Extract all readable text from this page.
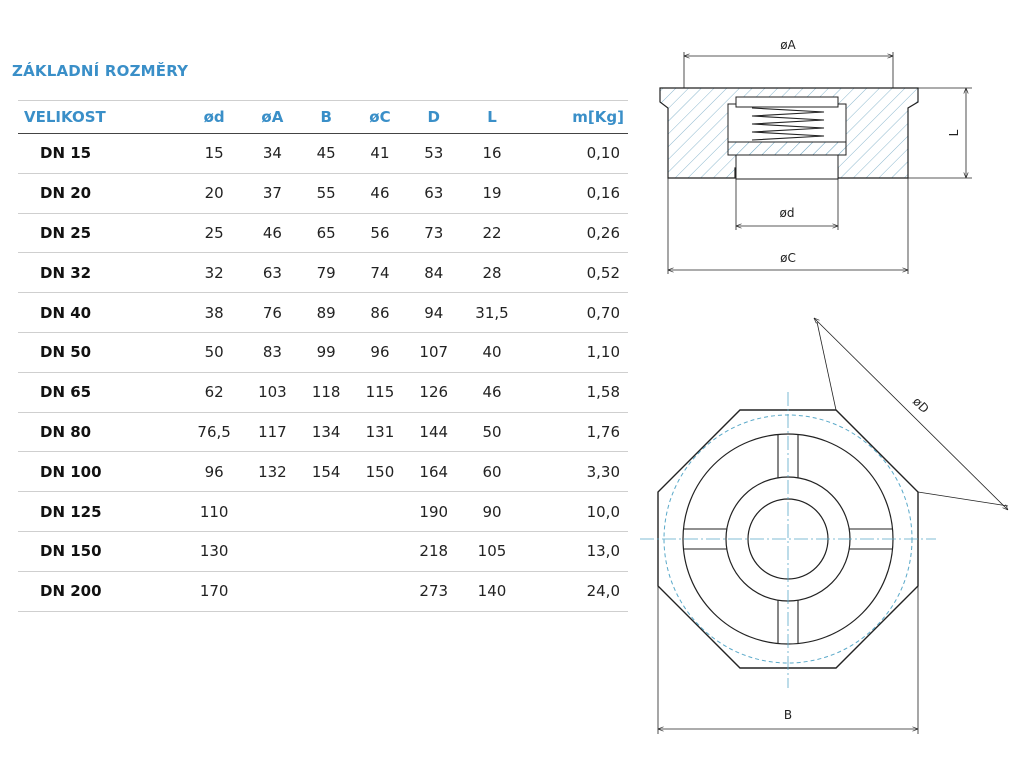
ZÁKLADNÍ ROZMĚRY
VELIKOST	ød	øA	B	øC	D	L	m[Kg]
DN 15	15	34	45	41	53	16	0,10
DN 20	20	37	55	46	63	19	0,16
DN 25	25	46	65	56	73	22	0,26
DN 32	32	63	79	74	84	28	0,52
DN 40	38	76	89	86	94	31,5	0,70
DN 50	50	83	99	96	107	40	1,10
DN 65	62	103	118	115	126	46	1,58
DN 80	76,5	117	134	131	144	50	1,76
DN 100	96	132	154	150	164	60	3,30
DN 125	110				190	90	10,0
DN 150	130				218	105	13,0
DN 200	170				273	140	24,0
øA
L
ød
øC
øD
B
